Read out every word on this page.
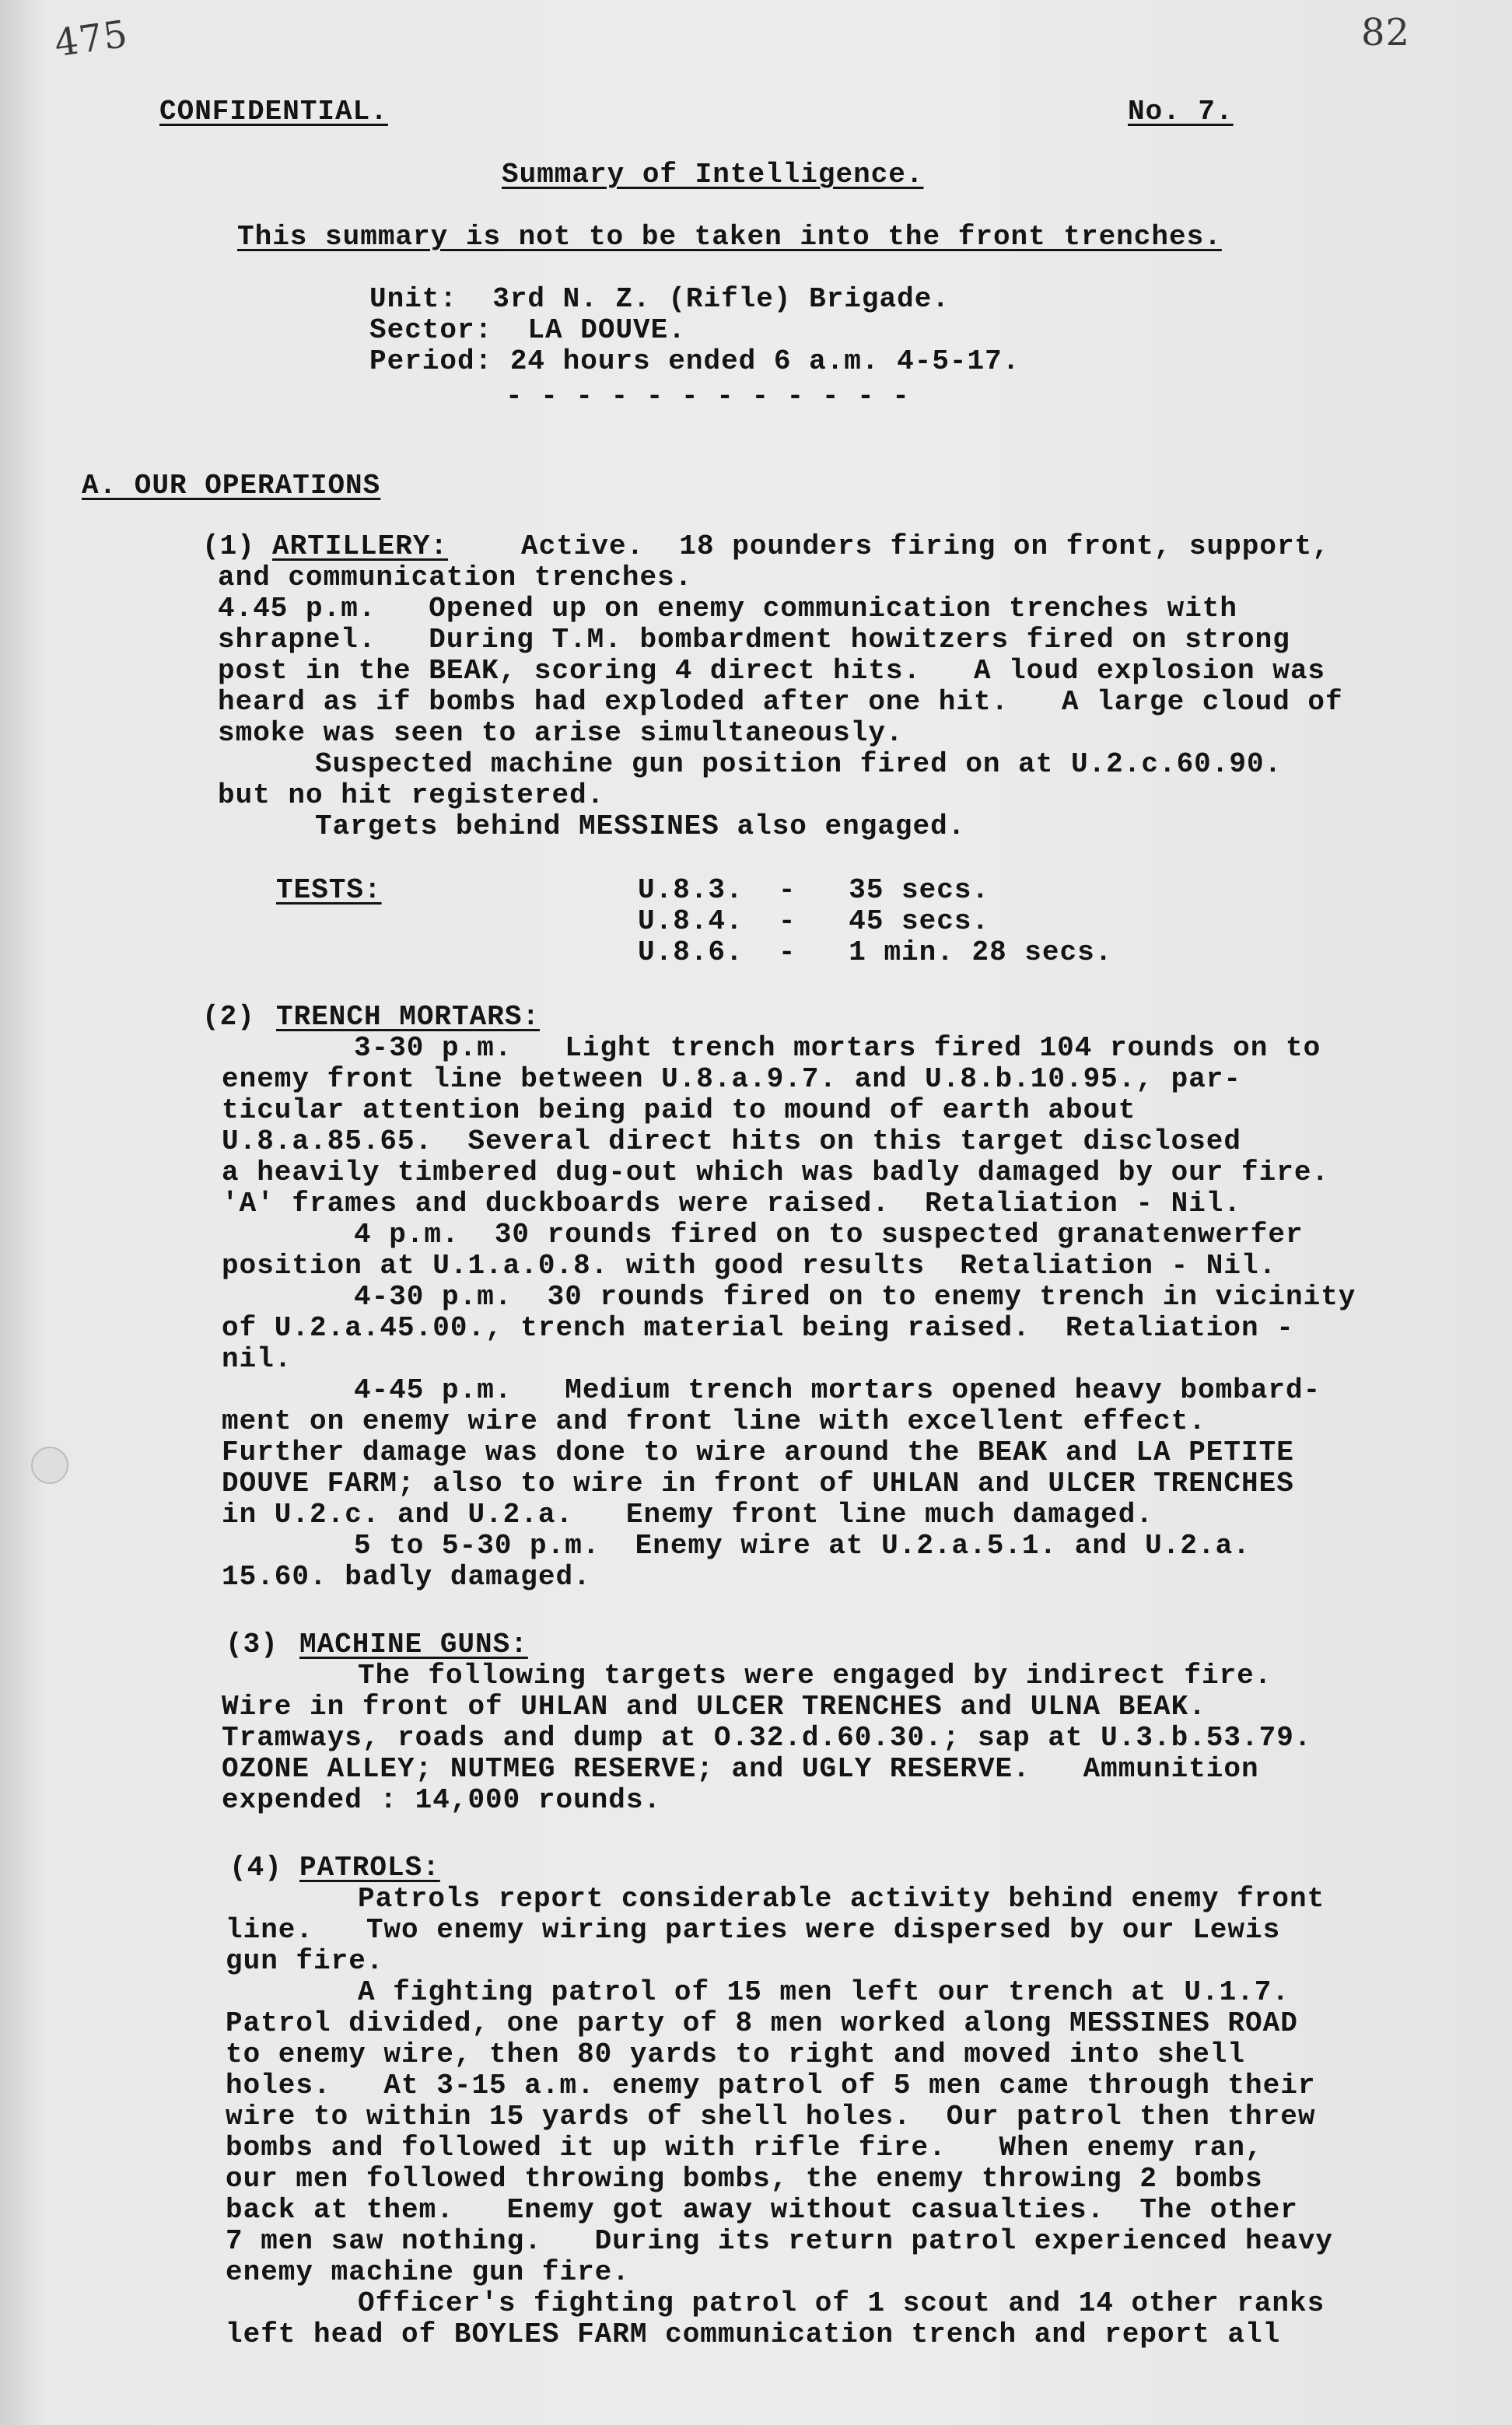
475	82
CONFIDENTIAL.	No. 7.
Summary of Intelligence.
This summary is not to be taken into the front trenches.
Unit:  3rd N. Z. (Rifle) Brigade.
Sector:  LA DOUVE.
Period: 24 hours ended 6 a.m. 4-5-17.
- - - - - - - - - - - -
A. OUR OPERATIONS
(1) ARTILLERY:	Active.  18 pounders firing on front, support,
and communication trenches.
4.45 p.m.   Opened up on enemy communication trenches with
shrapnel.   During T.M. bombardment howitzers fired on strong
post in the BEAK, scoring 4 direct hits.   A loud explosion was
heard as if bombs had exploded after one hit.   A large cloud of
smoke was seen to arise simultaneously.
Suspected machine gun position fired on at U.2.c.60.90.
but no hit registered.
Targets behind MESSINES also engaged.
TESTS:	U.8.3.  -   35 secs.
U.8.4.  -   45 secs.
U.8.6.  -   1 min. 28 secs.
(2) TRENCH MORTARS:
3-30 p.m.   Light trench mortars fired 104 rounds on to
enemy front line between U.8.a.9.7. and U.8.b.10.95., par-
ticular attention being paid to mound of earth about
U.8.a.85.65.  Several direct hits on this target disclosed
a heavily timbered dug-out which was badly damaged by our fire.
'A' frames and duckboards were raised.  Retaliation - Nil.
4 p.m.  30 rounds fired on to suspected granatenwerfer
position at U.1.a.0.8. with good results  Retaliation - Nil.
4-30 p.m.  30 rounds fired on to enemy trench in vicinity
of U.2.a.45.00., trench material being raised.  Retaliation -
nil.
4-45 p.m.   Medium trench mortars opened heavy bombard-
ment on enemy wire and front line with excellent effect.
Further damage was done to wire around the BEAK and LA PETITE
DOUVE FARM; also to wire in front of UHLAN and ULCER TRENCHES
in U.2.c. and U.2.a.   Enemy front line much damaged.
5 to 5-30 p.m.  Enemy wire at U.2.a.5.1. and U.2.a.
15.60. badly damaged.
(3) MACHINE GUNS:
The following targets were engaged by indirect fire.
Wire in front of UHLAN and ULCER TRENCHES and ULNA BEAK.
Tramways, roads and dump at O.32.d.60.30.; sap at U.3.b.53.79.
OZONE ALLEY; NUTMEG RESERVE; and UGLY RESERVE.   Ammunition
expended : 14,000 rounds.
(4) PATROLS:
Patrols report considerable activity behind enemy front
line.   Two enemy wiring parties were dispersed by our Lewis
gun fire.
A fighting patrol of 15 men left our trench at U.1.7.
Patrol divided, one party of 8 men worked along MESSINES ROAD
to enemy wire, then 80 yards to right and moved into shell
holes.   At 3-15 a.m. enemy patrol of 5 men came through their
wire to within 15 yards of shell holes.  Our patrol then threw
bombs and followed it up with rifle fire.   When enemy ran,
our men followed throwing bombs, the enemy throwing 2 bombs
back at them.   Enemy got away without casualties.  The other
7 men saw nothing.   During its return patrol experienced heavy
enemy machine gun fire.
Officer's fighting patrol of 1 scout and 14 other ranks
left head of BOYLES FARM communication trench and report all
